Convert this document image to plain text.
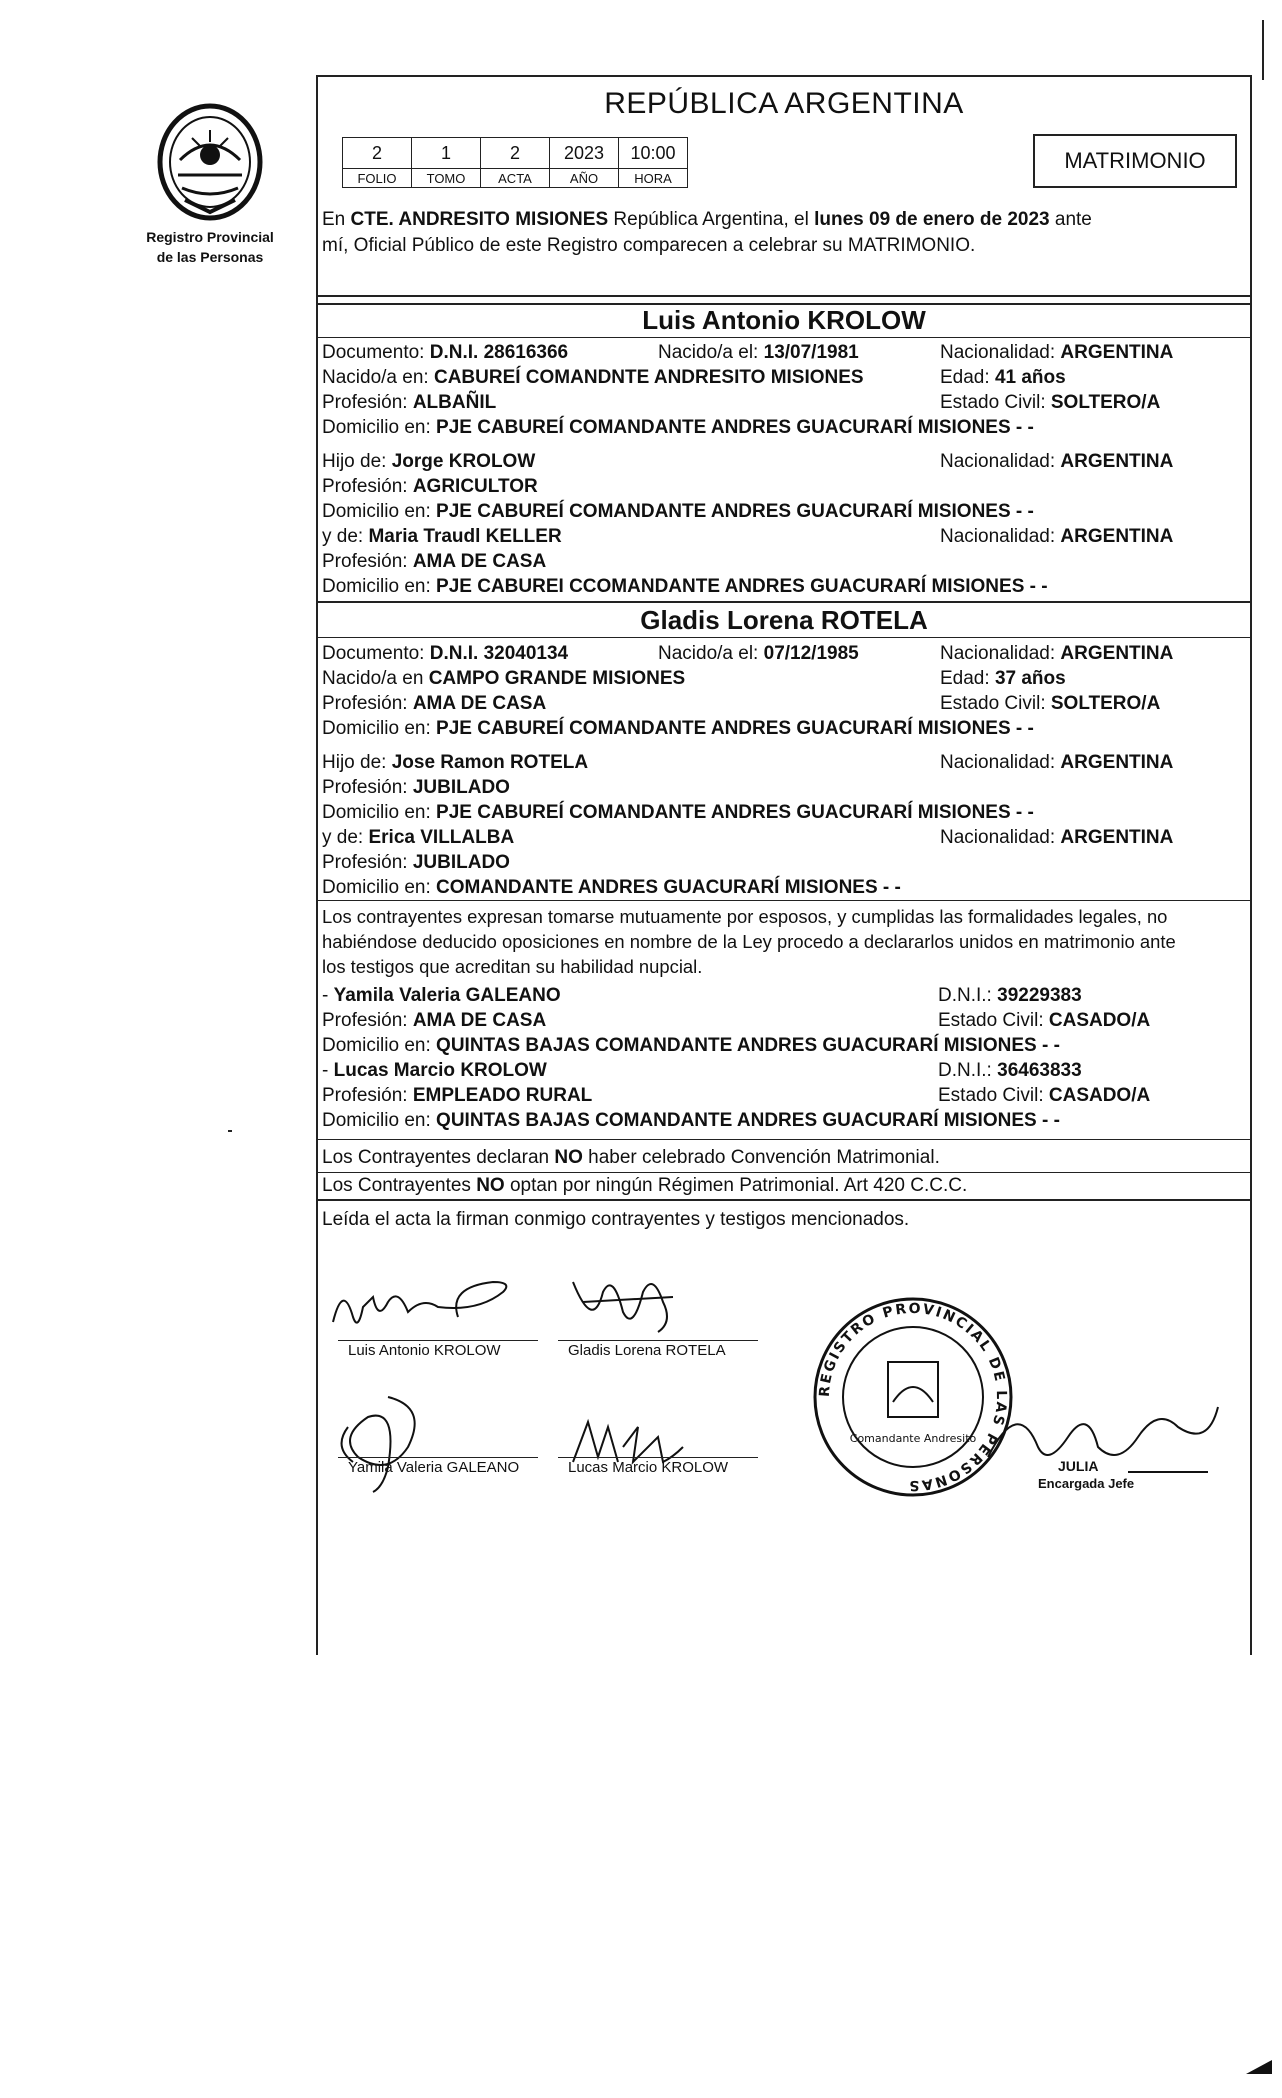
Registro Provincial
de las Personas
REPÚBLICA ARGENTINA
2	1	2	2023	10:00
FOLIO	TOMO	ACTA	AÑO	HORA
MATRIMONIO
En CTE. ANDRESITO MISIONES República Argentina, el lunes 09 de enero de 2023 ante
mí, Oficial Público de este Registro comparecen a celebrar su MATRIMONIO.
Luis Antonio KROLOW
Documento: D.N.I. 28616366	Nacido/a el: 13/07/1981	Nacionalidad: ARGENTINA
Nacido/a en: CABUREÍ COMANDNTE ANDRESITO MISIONES	Edad: 41 años
Profesión: ALBAÑIL	Estado Civil: SOLTERO/A
Domicilio en: PJE CABUREÍ COMANDANTE ANDRES GUACURARÍ MISIONES - -
Hijo de: Jorge KROLOW	Nacionalidad: ARGENTINA
Profesión: AGRICULTOR
Domicilio en: PJE CABUREÍ COMANDANTE ANDRES GUACURARÍ MISIONES - -
y de: Maria Traudl KELLER	Nacionalidad: ARGENTINA
Profesión: AMA DE CASA
Domicilio en: PJE CABUREI CCOMANDANTE ANDRES GUACURARÍ MISIONES - -
Gladis Lorena ROTELA
Documento: D.N.I. 32040134	Nacido/a el: 07/12/1985	Nacionalidad: ARGENTINA
Nacido/a en CAMPO GRANDE MISIONES	Edad: 37 años
Profesión: AMA DE CASA	Estado Civil: SOLTERO/A
Domicilio en: PJE CABUREÍ COMANDANTE ANDRES GUACURARÍ MISIONES - -
Hijo de: Jose Ramon ROTELA	Nacionalidad: ARGENTINA
Profesión: JUBILADO
Domicilio en: PJE CABUREÍ COMANDANTE ANDRES GUACURARÍ MISIONES - -
y de: Erica VILLALBA	Nacionalidad: ARGENTINA
Profesión: JUBILADO
Domicilio en: COMANDANTE ANDRES GUACURARÍ MISIONES - -
Los contrayentes expresan tomarse mutuamente por esposos, y cumplidas las formalidades legales, no
habiéndose deducido oposiciones en nombre de la Ley procedo a declararlos unidos en matrimonio ante
los testigos que acreditan su habilidad nupcial.
- Yamila Valeria GALEANO	D.N.I.: 39229383
Profesión: AMA DE CASA	Estado Civil: CASADO/A
Domicilio en: QUINTAS BAJAS COMANDANTE ANDRES GUACURARÍ MISIONES - -
- Lucas Marcio KROLOW	D.N.I.: 36463833
Profesión: EMPLEADO RURAL	Estado Civil: CASADO/A
Domicilio en: QUINTAS BAJAS COMANDANTE ANDRES GUACURARÍ MISIONES - -
Los Contrayentes declaran NO haber celebrado Convención Matrimonial.
Los Contrayentes NO optan por ningún Régimen Patrimonial. Art 420 C.C.C.
Leída el acta la firman conmigo contrayentes y testigos mencionados.
Luis Antonio KROLOW	Gladis Lorena ROTELA
Yamila Valeria GALEANO	Lucas Marcio KROLOW
REGISTRO PROVINCIAL DE LAS PERSONAS
Comandante Andresito
JULIA
Encargada Jefe
